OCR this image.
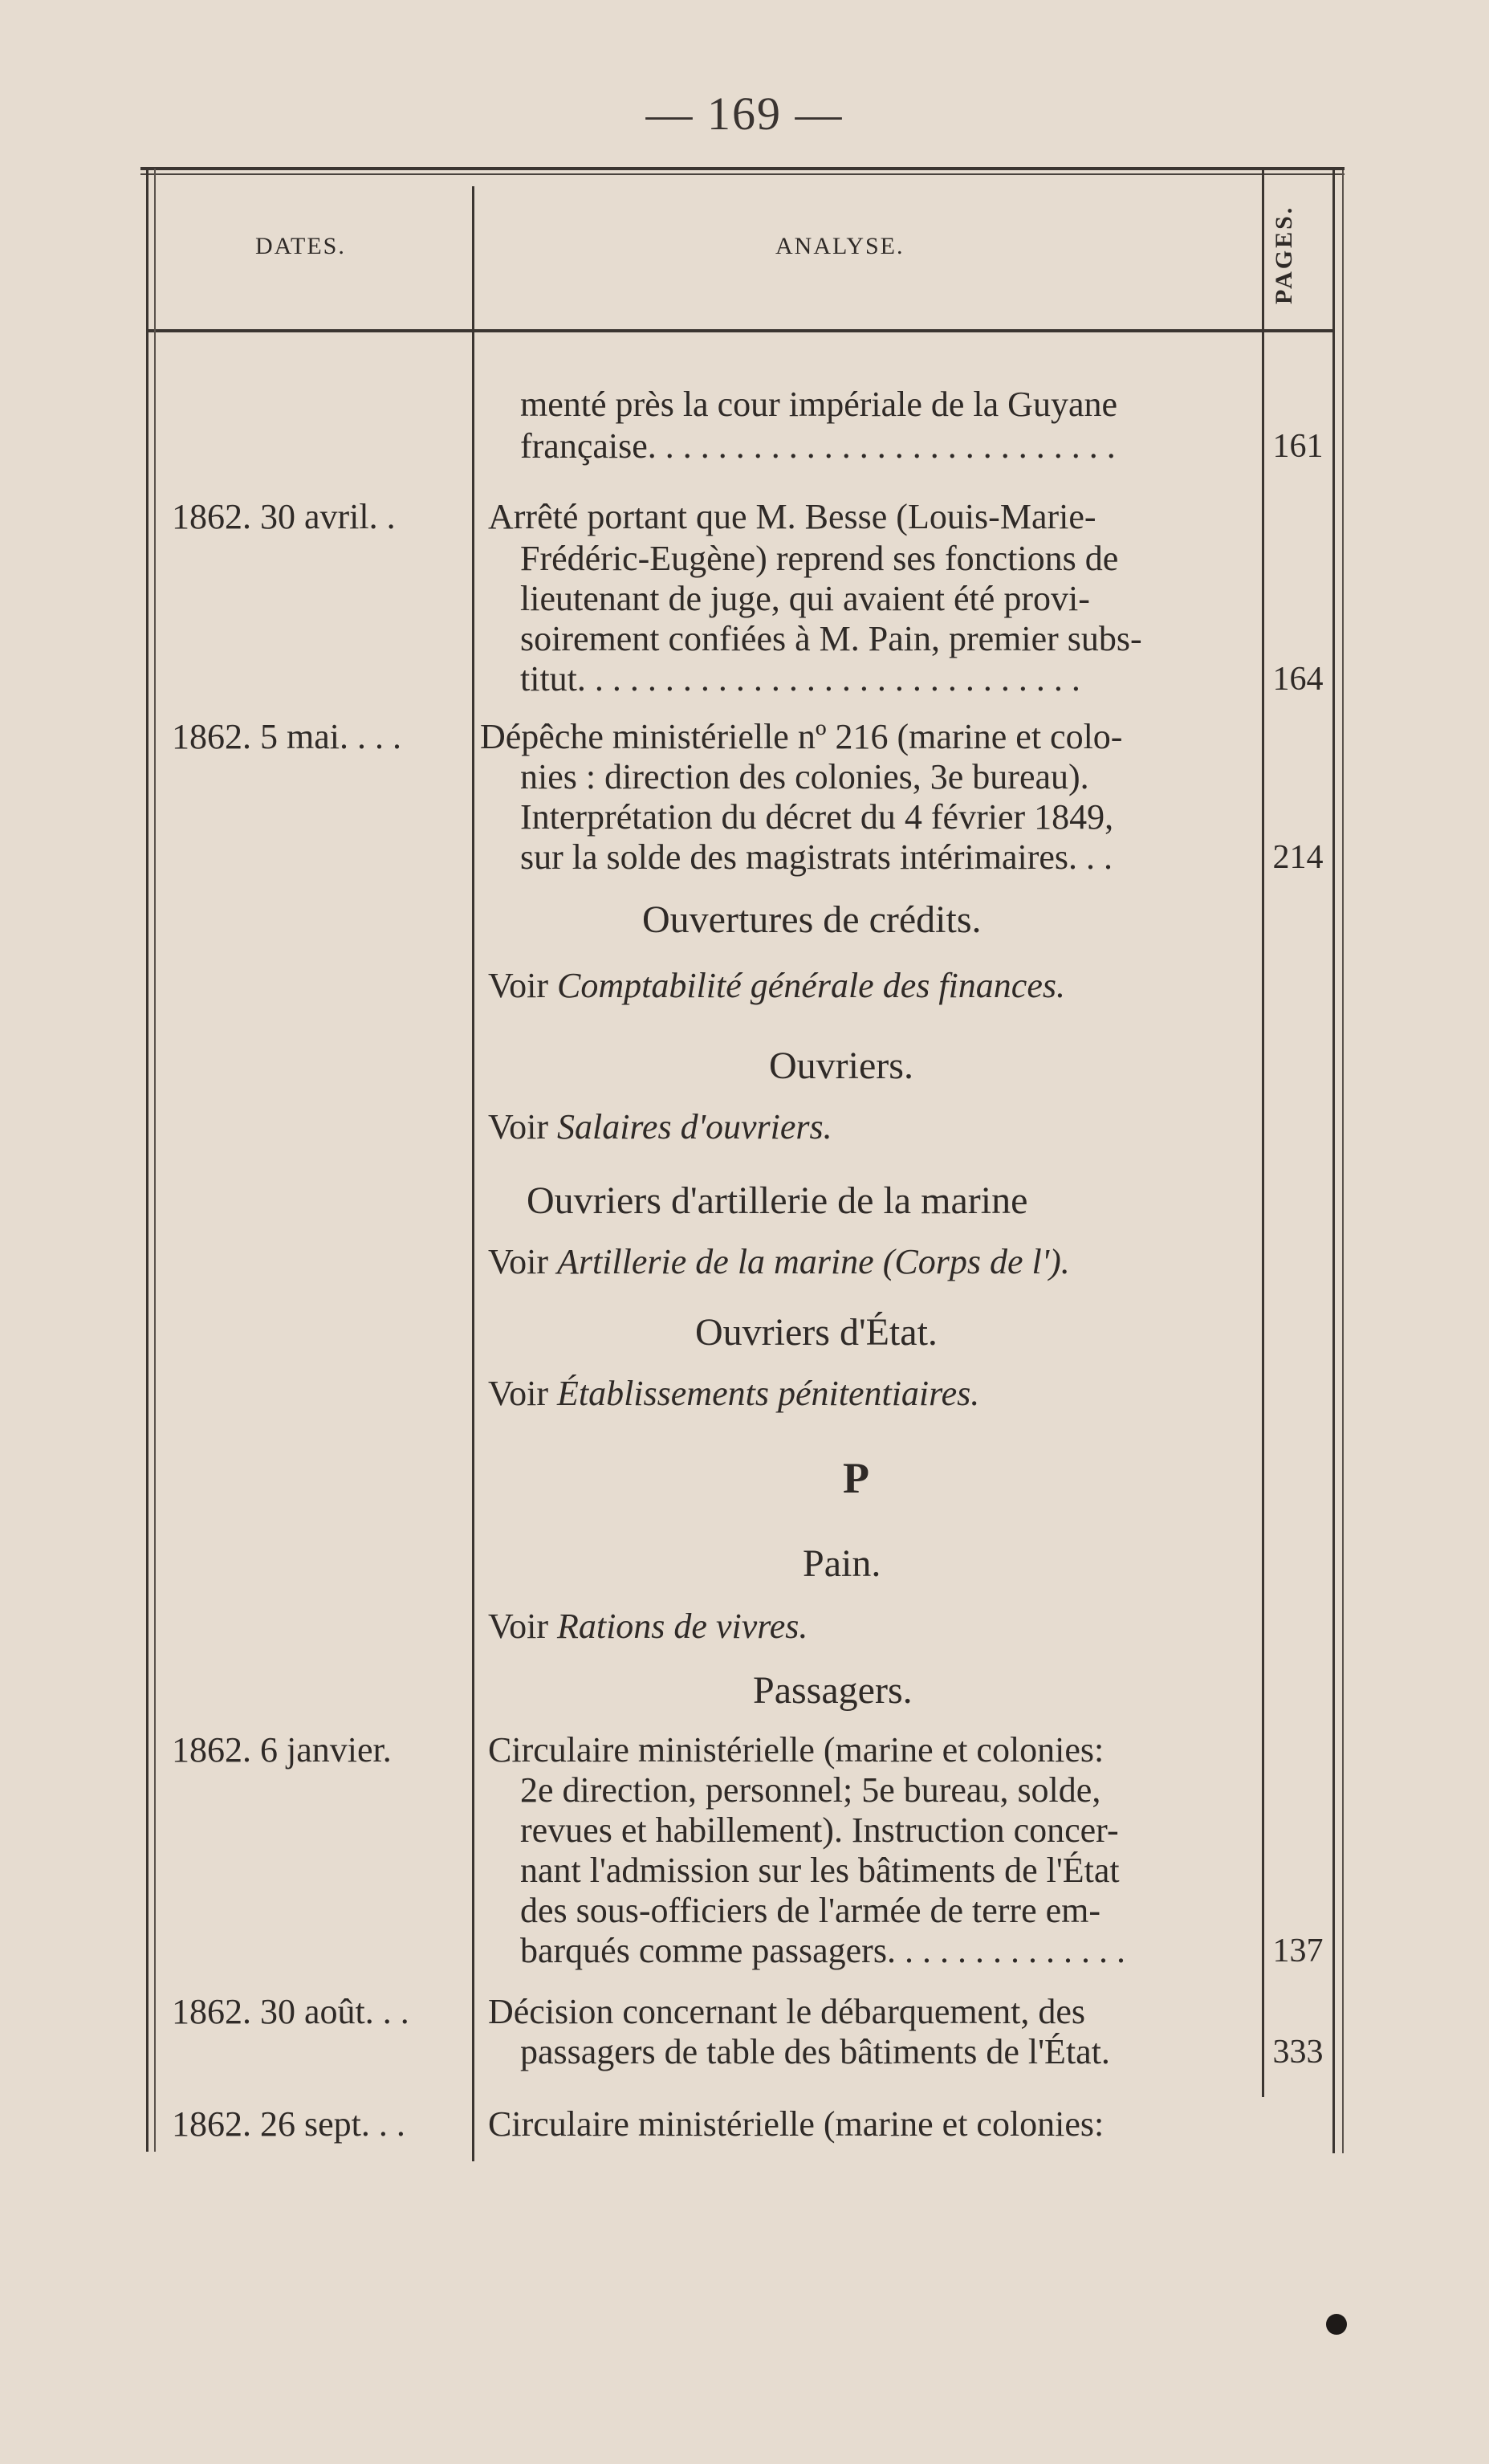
— 169 —
DATES.	ANALYSE.	PAGES.
menté près la cour impériale de la Guyane
française. . . . . . . . . . . . . . . . . . . . . . . . . . .	161
1862. 30 avril. .	Arrêté portant que M. Besse (Louis-Marie-
Frédéric-Eugène) reprend ses fonctions de
lieutenant de juge, qui avaient été provi-
soirement confiées à M. Pain, premier subs-
titut. . . . . . . . . . . . . . . . . . . . . . . . . . . . .	164
1862. 5 mai. . . . Dépêche ministérielle nº 216 (marine et colo-
nies : direction des colonies, 3e bureau).
Interprétation du décret du 4 février 1849,
sur la solde des magistrats intérimaires. . .	214
Ouvertures de crédits.
Voir Comptabilité générale des finances.
Ouvriers.
Voir Salaires d'ouvriers.
Ouvriers d'artillerie de la marine
Voir Artillerie de la marine (Corps de l').
Ouvriers d'État.
Voir Établissements pénitentiaires.
P
Pain.
Voir Rations de vivres.
Passagers.
1862. 6 janvier.	Circulaire ministérielle (marine et colonies:
2e direction, personnel; 5e bureau, solde,
revues et habillement). Instruction concer-
nant l'admission sur les bâtiments de l'État
des sous-officiers de l'armée de terre em-
barqués comme passagers. . . . . . . . . . . . . .	137
1862. 30 août. . . Décision concernant le débarquement, des
passagers de table des bâtiments de l'État.	333
1862. 26 sept. . . Circulaire ministérielle (marine et colonies:
